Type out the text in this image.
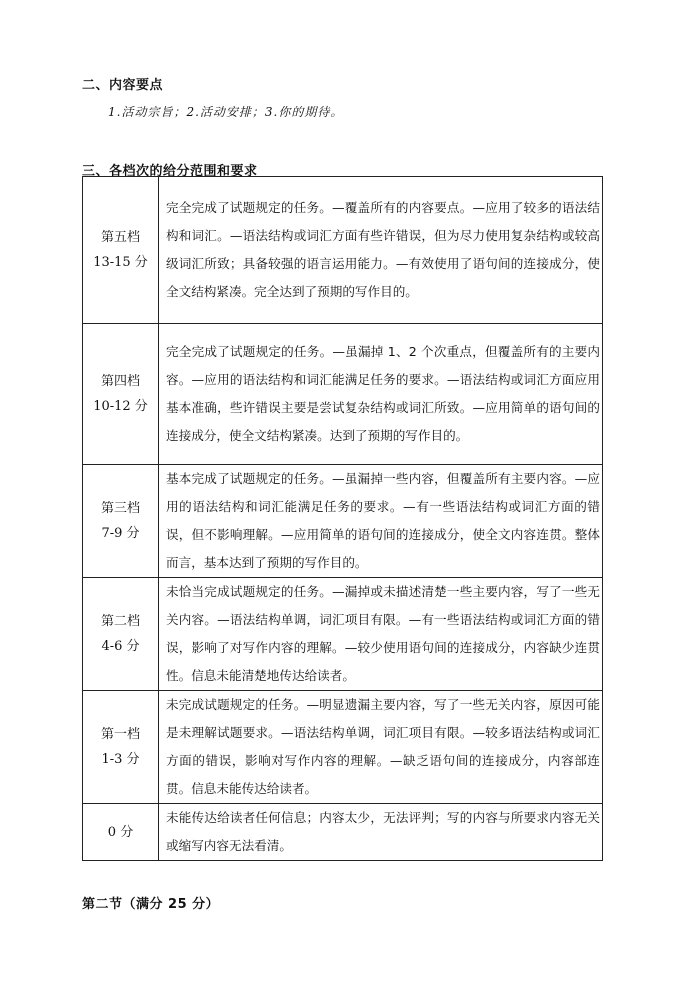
二、内容要点
1.活动宗旨；2.活动安排；3.你的期待。
三、各档次的给分范围和要求
第五档
13-15 分	完全完成了试题规定的任务。—覆盖所有的内容要点。—应用了较多的语法结构和词汇。—语法结构或词汇方面有些许错误，但为尽力使用复杂结构或较高级词汇所致；具备较强的语言运用能力。—有效使用了语句间的连接成分，使全文结构紧凑。完全达到了预期的写作目的。

第四档
10-12 分	完全完成了试题规定的任务。—虽漏掉 1、2 个次重点，但覆盖所有的主要内容。—应用的语法结构和词汇能满足任务的要求。—语法结构或词汇方面应用基本准确，些许错误主要是尝试复杂结构或词汇所致。—应用简单的语句间的连接成分，使全文结构紧凑。达到了预期的写作目的。

第三档
7-9 分	基本完成了试题规定的任务。—虽漏掉一些内容，但覆盖所有主要内容。—应用的语法结构和词汇能满足任务的要求。—有一些语法结构或词汇方面的错误，但不影响理解。—应用简单的语句间的连接成分，使全文内容连贯。整体而言，基本达到了预期的写作目的。

第二档
4-6 分	未恰当完成试题规定的任务。—漏掉或未描述清楚一些主要内容，写了一些无关内容。—语法结构单调，词汇项目有限。—有一些语法结构或词汇方面的错误，影响了对写作内容的理解。—较少使用语句间的连接成分，内容缺少连贯性。信息未能清楚地传达给读者。

第一档
1-3 分	未完成试题规定的任务。—明显遗漏主要内容，写了一些无关内容，原因可能是未理解试题要求。—语法结构单调，词汇项目有限。—较多语法结构或词汇方面的错误，影响对写作内容的理解。—缺乏语句间的连接成分，内容部连贯。信息未能传达给读者。

0 分	未能传达给读者任何信息；内容太少，无法评判；写的内容与所要求内容无关或缩写内容无法看清。
第二节（满分 25 分）
